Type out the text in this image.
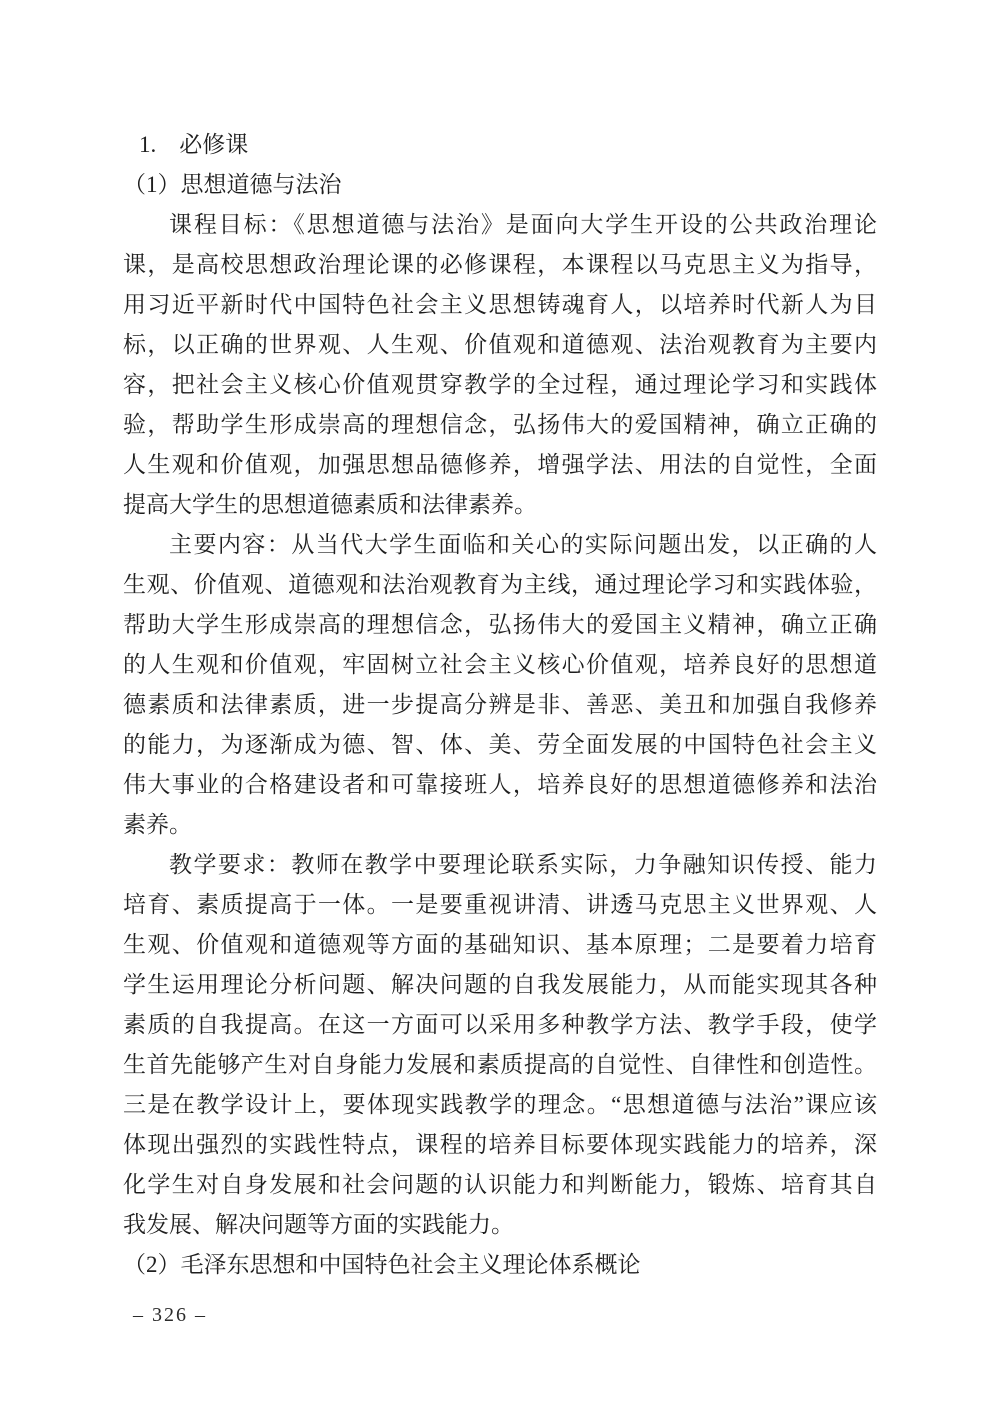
1.　必修课
（1）思想道德与法治
课程目标：《思想道德与法治》是面向大学生开设的公共政治理论
课，是高校思想政治理论课的必修课程，本课程以马克思主义为指导，
用习近平新时代中国特色社会主义思想铸魂育人，以培养时代新人为目
标，以正确的世界观、人生观、价值观和道德观、法治观教育为主要内
容，把社会主义核心价值观贯穿教学的全过程，通过理论学习和实践体
验，帮助学生形成崇高的理想信念，弘扬伟大的爱国精神，确立正确的
人生观和价值观，加强思想品德修养，增强学法、用法的自觉性，全面
提高大学生的思想道德素质和法律素养。
主要内容：从当代大学生面临和关心的实际问题出发，以正确的人
生观、价值观、道德观和法治观教育为主线，通过理论学习和实践体验，
帮助大学生形成崇高的理想信念，弘扬伟大的爱国主义精神，确立正确
的人生观和价值观，牢固树立社会主义核心价值观，培养良好的思想道
德素质和法律素质，进一步提高分辨是非、善恶、美丑和加强自我修养
的能力，为逐渐成为德、智、体、美、劳全面发展的中国特色社会主义
伟大事业的合格建设者和可靠接班人，培养良好的思想道德修养和法治
素养。
教学要求：教师在教学中要理论联系实际，力争融知识传授、能力
培育、素质提高于一体。一是要重视讲清、讲透马克思主义世界观、人
生观、价值观和道德观等方面的基础知识、基本原理；二是要着力培育
学生运用理论分析问题、解决问题的自我发展能力，从而能实现其各种
素质的自我提高。在这一方面可以采用多种教学方法、教学手段，使学
生首先能够产生对自身能力发展和素质提高的自觉性、自律性和创造性。
三是在教学设计上，要体现实践教学的理念。“思想道德与法治”课应该
体现出强烈的实践性特点，课程的培养目标要体现实践能力的培养，深
化学生对自身发展和社会问题的认识能力和判断能力，锻炼、培育其自
我发展、解决问题等方面的实践能力。
（2）毛泽东思想和中国特色社会主义理论体系概论
– 326 –
